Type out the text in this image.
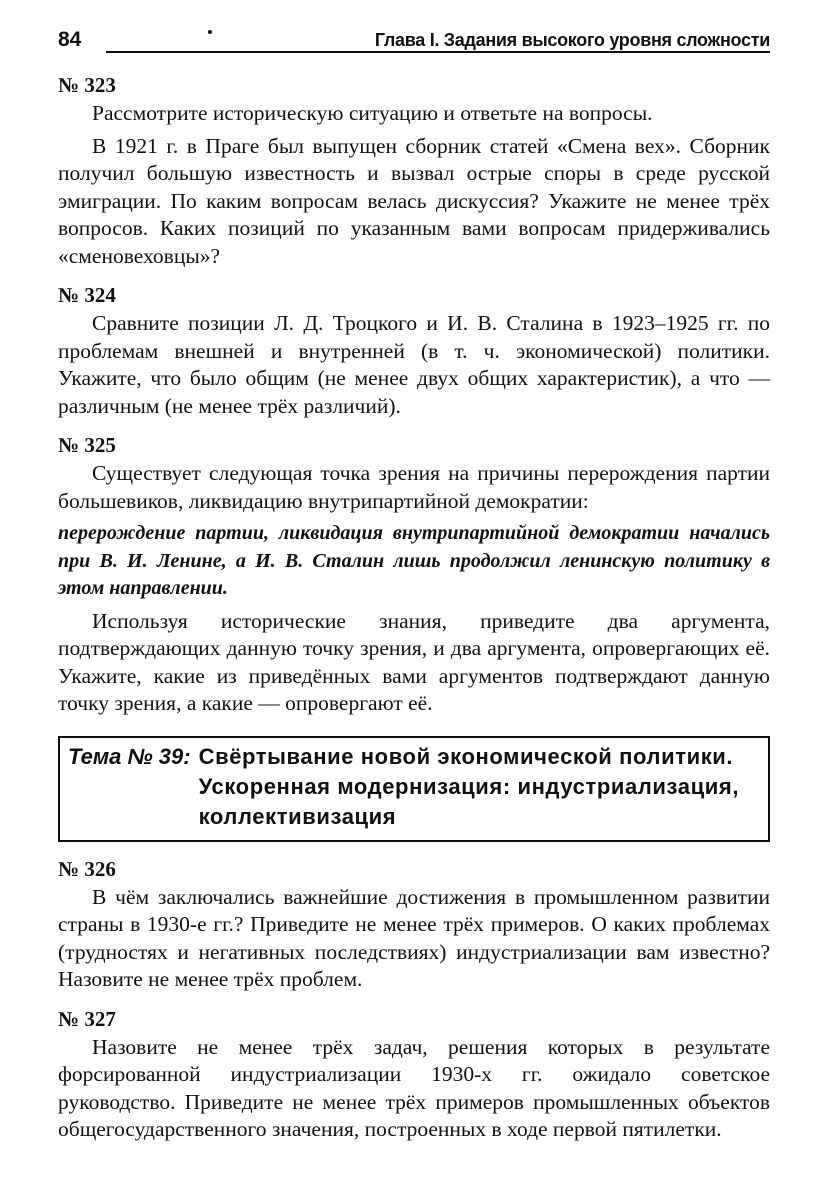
84	Глава I. Задания высокого уровня сложности
№ 323

Рассмотрите историческую ситуацию и ответьте на вопросы.

В 1921 г. в Праге был выпущен сборник статей «Смена вех». Сборник получил большую известность и вызвал острые споры в среде русской эмиграции. По каким вопросам велась дискуссия? Укажите не менее трёх вопросов. Каких позиций по указанным вами вопросам придерживались «сменовеховцы»?

№ 324

Сравните позиции Л. Д. Троцкого и И. В. Сталина в 1923–1925 гг. по проблемам внешней и внутренней (в т. ч. экономической) политики. Укажите, что было общим (не менее двух общих характеристик), а что — различным (не менее трёх различий).

№ 325

Существует следующая точка зрения на причины перерождения партии большевиков, ликвидацию внутрипартийной демократии:

перерождение партии, ликвидация внутрипартийной демократии начались при В. И. Ленине, а И. В. Сталин лишь продолжил ленинскую политику в этом направлении.

Используя исторические знания, приведите два аргумента, подтверждающих данную точку зрения, и два аргумента, опровергающих её. Укажите, какие из приведённых вами аргументов подтверждают данную точку зрения, а какие — опровергают её.

Тема № 39: Свёртывание новой экономической политики. Ускоренная модернизация: индустриализация, коллективизация
№ 326

В чём заключались важнейшие достижения в промышленном развитии страны в 1930-е гг.? Приведите не менее трёх примеров. О каких проблемах (трудностях и негативных последствиях) индустриализации вам известно? Назовите не менее трёх проблем.

№ 327

Назовите не менее трёх задач, решения которых в результате форсированной индустриализации 1930-х гг. ожидало советское руководство. Приведите не менее трёх примеров промышленных объектов общегосударственного значения, построенных в ходе первой пятилетки.
